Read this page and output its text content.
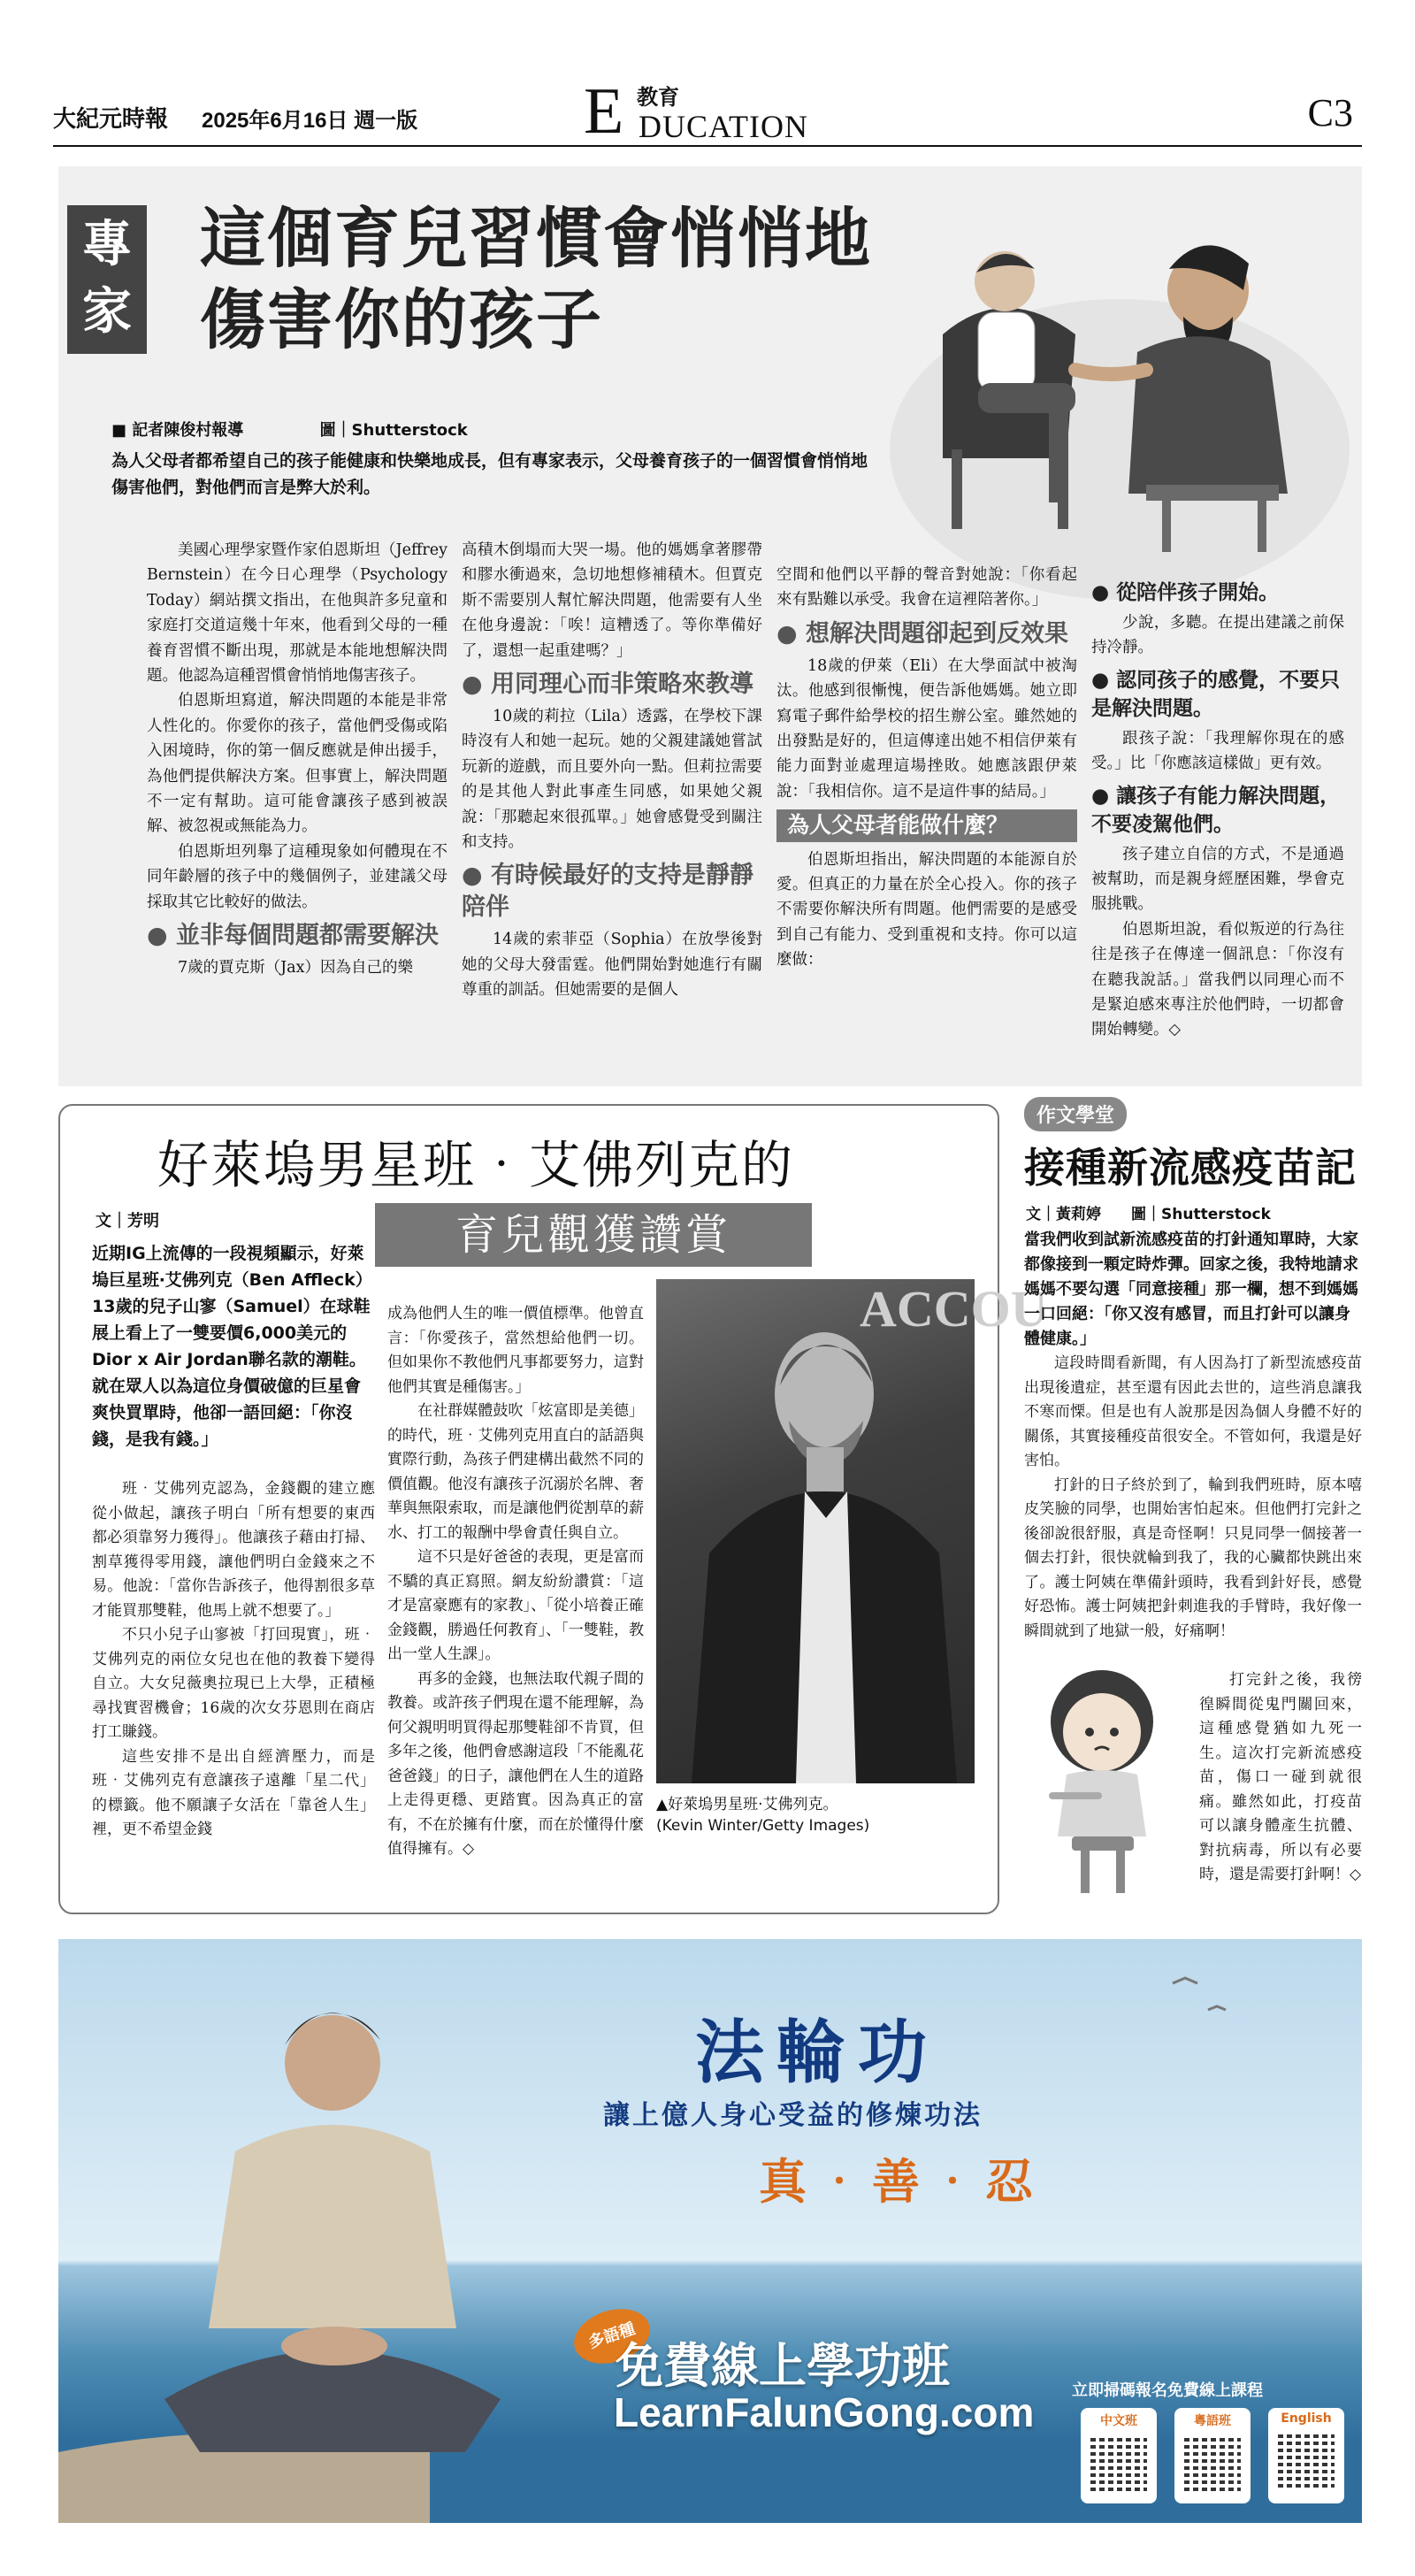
大紀元時報 2025年6月16日 週一版	E 教育
DUCATION	C3
專
家
這個育兒習慣會悄悄地
傷害你的孩子
■ 記者陳俊村報導	圖｜Shutterstock
為人父母者都希望自己的孩子能健康和快樂地成長，但有專家表示，父母養育孩子的一個習慣會悄悄地傷害他們，對他們而言是弊大於利。

美國心理學家暨作家伯恩斯坦（Jeffrey Bernstein）在今日心理學（Psychology Today）網站撰文指出，在他與許多兒童和家庭打交道這幾十年來，他看到父母的一種養育習慣不斷出現，那就是本能地想解決問題。他認為這種習慣會悄悄地傷害孩子。

伯恩斯坦寫道，解決問題的本能是非常人性化的。你愛你的孩子，當他們受傷或陷入困境時，你的第一個反應就是伸出援手，為他們提供解決方案。但事實上，解決問題不一定有幫助。這可能會讓孩子感到被誤解、被忽視或無能為力。

伯恩斯坦列舉了這種現象如何體現在不同年齡層的孩子中的幾個例子，並建議父母採取其它比較好的做法。

● 並非每個問題都需要解決

7歲的賈克斯（Jax）因為自己的樂

高積木倒塌而大哭一場。他的媽媽拿著膠帶和膠水衝過來，急切地想修補積木。但賈克斯不需要別人幫忙解決問題，他需要有人坐在他身邊說：「唉！這糟透了。等你準備好了，還想一起重建嗎？」

● 用同理心而非策略來教導

10歲的莉拉（Lila）透露，在學校下課時沒有人和她一起玩。她的父親建議她嘗試玩新的遊戲，而且要外向一點。但莉拉需要的是其他人對此事產生同感，如果她父親說：「那聽起來很孤單。」她會感覺受到關注和支持。

● 有時候最好的支持是靜靜陪伴

14歲的索菲亞（Sophia）在放學後對她的父母大發雷霆。他們開始對她進行有關尊重的訓話。但她需要的是個人

空間和他們以平靜的聲音對她說：「你看起來有點難以承受。我會在這裡陪著你。」

● 想解決問題卻起到反效果

18歲的伊萊（Eli）在大學面試中被淘汰。他感到很慚愧，便告訴他媽媽。她立即寫電子郵件給學校的招生辦公室。雖然她的出發點是好的，但這傳達出她不相信伊萊有能力面對並處理這場挫敗。她應該跟伊萊說：「我相信你。這不是這件事的結局。」

為人父母者能做什麼？

伯恩斯坦指出，解決問題的本能源自於愛。但真正的力量在於全心投入。你的孩子不需要你解決所有問題。他們需要的是感受到自己有能力、受到重視和支持。你可以這麼做：

● 從陪伴孩子開始。

少說，多聽。在提出建議之前保持冷靜。

● 認同孩子的感覺，不要只是解決問題。

跟孩子說：「我理解你現在的感受。」比「你應該這樣做」更有效。

● 讓孩子有能力解決問題，不要凌駕他們。

孩子建立自信的方式，不是通過被幫助，而是親身經歷困難，學會克服挑戰。

伯恩斯坦說，看似叛逆的行為往往是孩子在傳達一個訊息：「你沒有在聽我說話。」當我們以同理心而不是緊迫感來專注於他們時，一切都會開始轉變。◇

好萊塢男星班‧艾佛列克的
育兒觀獲讚賞
文｜芳明
近期IG上流傳的一段視頻顯示，好萊塢巨星班‧艾佛列克（Ben Affleck）13歲的兒子山寥（Samuel）在球鞋展上看上了一雙要價6,000美元的Dior x Air Jordan聯名款的潮鞋。就在眾人以為這位身價破億的巨星會爽快買單時，他卻一語回絕：「你沒錢，是我有錢。」

班‧艾佛列克認為，金錢觀的建立應從小做起，讓孩子明白「所有想要的東西都必須靠努力獲得」。他讓孩子藉由打掃、割草獲得零用錢，讓他們明白金錢來之不易。他說：「當你告訴孩子，他得割很多草才能買那雙鞋，他馬上就不想要了。」

不只小兒子山寥被「打回現實」，班‧艾佛列克的兩位女兒也在他的教養下變得自立。大女兒薇奧拉現已上大學，正積極尋找實習機會；16歲的次女芬恩則在商店打工賺錢。

這些安排不是出自經濟壓力，而是班‧艾佛列克有意讓孩子遠離「星二代」的標籤。他不願讓子女活在「靠爸人生」裡，更不希望金錢

成為他們人生的唯一價值標準。他曾直言：「你愛孩子，當然想給他們一切。但如果你不教他們凡事都要努力，這對他們其實是種傷害。」

在社群媒體鼓吹「炫富即是美德」的時代，班‧艾佛列克用直白的話語與實際行動，為孩子們建構出截然不同的價值觀。他沒有讓孩子沉溺於名牌、奢華與無限索取，而是讓他們從割草的薪水、打工的報酬中學會責任與自立。

這不只是好爸爸的表現，更是富而不驕的真正寫照。網友紛紛讚賞：「這才是富豪應有的家教」、「從小培養正確金錢觀，勝過任何教育」、「一雙鞋，教出一堂人生課」。

再多的金錢，也無法取代親子間的教養。或許孩子們現在還不能理解，為何父親明明買得起那雙鞋卻不肯買，但多年之後，他們會感謝這段「不能亂花爸爸錢」的日子，讓他們在人生的道路上走得更穩、更踏實。因為真正的富有，不在於擁有什麼，而在於懂得什麼值得擁有。◇

ACCOU
▲好萊塢男星班‧艾佛列克。
(Kevin Winter/Getty Images)
作文學堂
接種新流感疫苗記
文｜黃莉婷　　圖｜Shutterstock
當我們收到試新流感疫苗的打針通知單時，大家都像接到一顆定時炸彈。回家之後，我特地請求媽媽不要勾選「同意接種」那一欄，想不到媽媽一口回絕：「你又沒有感冒，而且打針可以讓身體健康。」

這段時間看新聞，有人因為打了新型流感疫苗出現後遺症，甚至還有因此去世的，這些消息讓我不寒而慄。但是也有人說那是因為個人身體不好的關係，其實接種疫苗很安全。不管如何，我還是好害怕。

打針的日子終於到了，輪到我們班時，原本嘻皮笑臉的同學，也開始害怕起來。但他們打完針之後卻說很舒服，真是奇怪啊！只見同學一個接著一個去打針，很快就輪到我了，我的心臟都快跳出來了。護士阿姨在準備針頭時，我看到針好長，感覺好恐怖。護士阿姨把針刺進我的手臂時，我好像一瞬間就到了地獄一般，好痛啊！

打完針之後，我徬徨瞬間從鬼門關回來，這種感覺猶如九死一生。這次打完新流感疫苗，傷口一碰到就很痛。雖然如此，打疫苗可以讓身體產生抗體、對抗病毒，所以有必要時，還是需要打針啊！◇

法輪功
讓上億人身心受益的修煉功法
真‧善‧忍
多語種
免費線上學功班
LearnFalunGong.com 立即掃碼報名免費線上課程
中文班	粵語班	English
